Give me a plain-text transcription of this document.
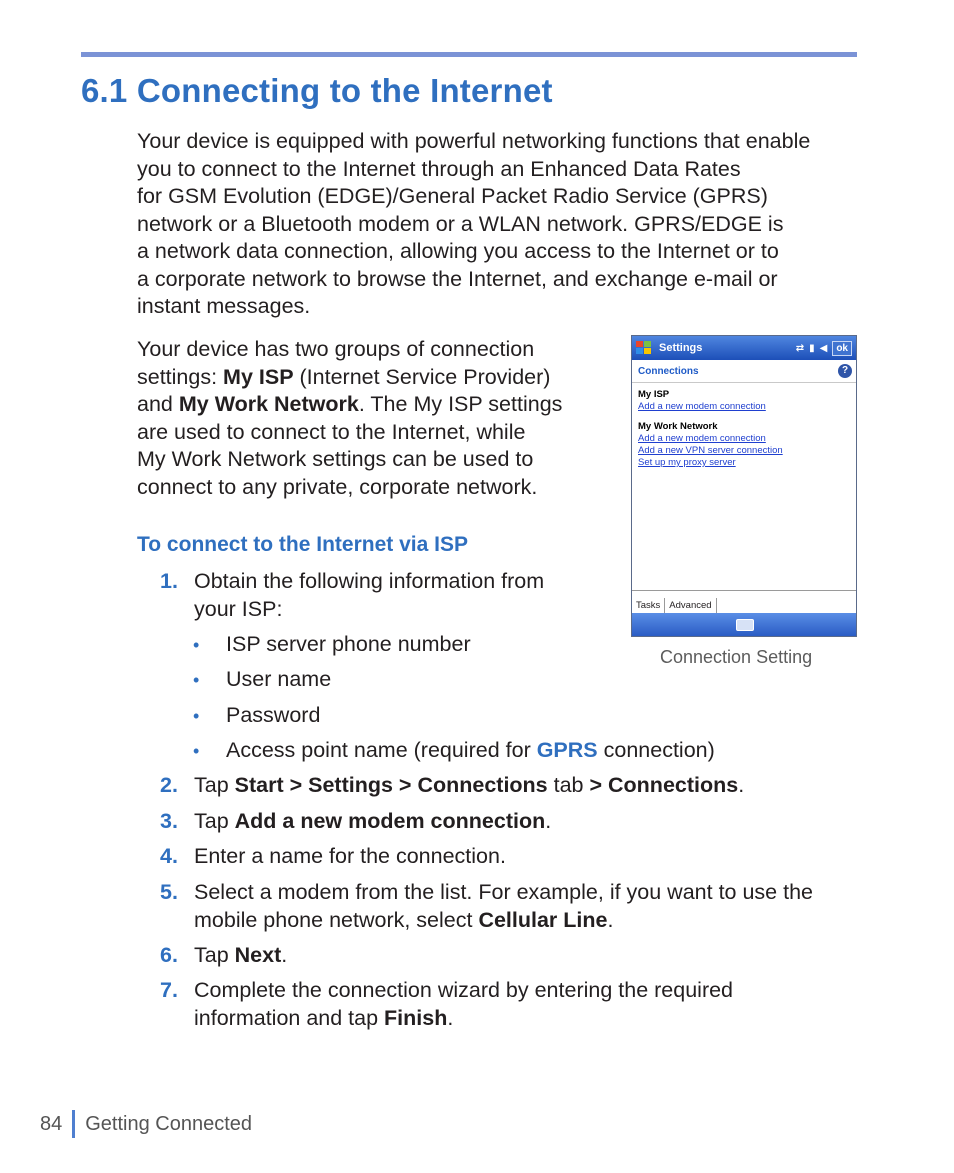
6.1 Connecting to the Internet
Your device is equipped with powerful networking functions that enable
you to connect to the Internet through an Enhanced Data Rates
for GSM Evolution (EDGE)/General Packet Radio Service (GPRS)
network or a Bluetooth modem or a WLAN network. GPRS/EDGE is
a network data connection, allowing you access to the Internet or to
a corporate network to browse the Internet, and exchange e-mail or
instant messages.
Your device has two groups of connection
settings: My ISP (Internet Service Provider)
and My Work Network. The My ISP settings
are used to connect to the Internet, while
My Work Network settings can be used to
connect to any private, corporate network.
To connect to the Internet via ISP
1. Obtain the following information from
your ISP:
• ISP server phone number
• User name
• Password
• Access point name (required for GPRS connection)
2. Tap Start > Settings > Connections tab > Connections.
3. Tap Add a new modem connection.
4. Enter a name for the connection.
5. Select a modem from the list. For example, if you want to use the
mobile phone network, select Cellular Line.
6. Tap Next.
7. Complete the connection wizard by entering the required
information and tap Finish.
Settings	⇄ ▮ ◀ ok
Connections	?
My ISP
Add a new modem connection
My Work Network
Add a new modem connection
Add a new VPN server connection
Set up my proxy server
Tasks Advanced
Connection Setting
84 Getting Connected
